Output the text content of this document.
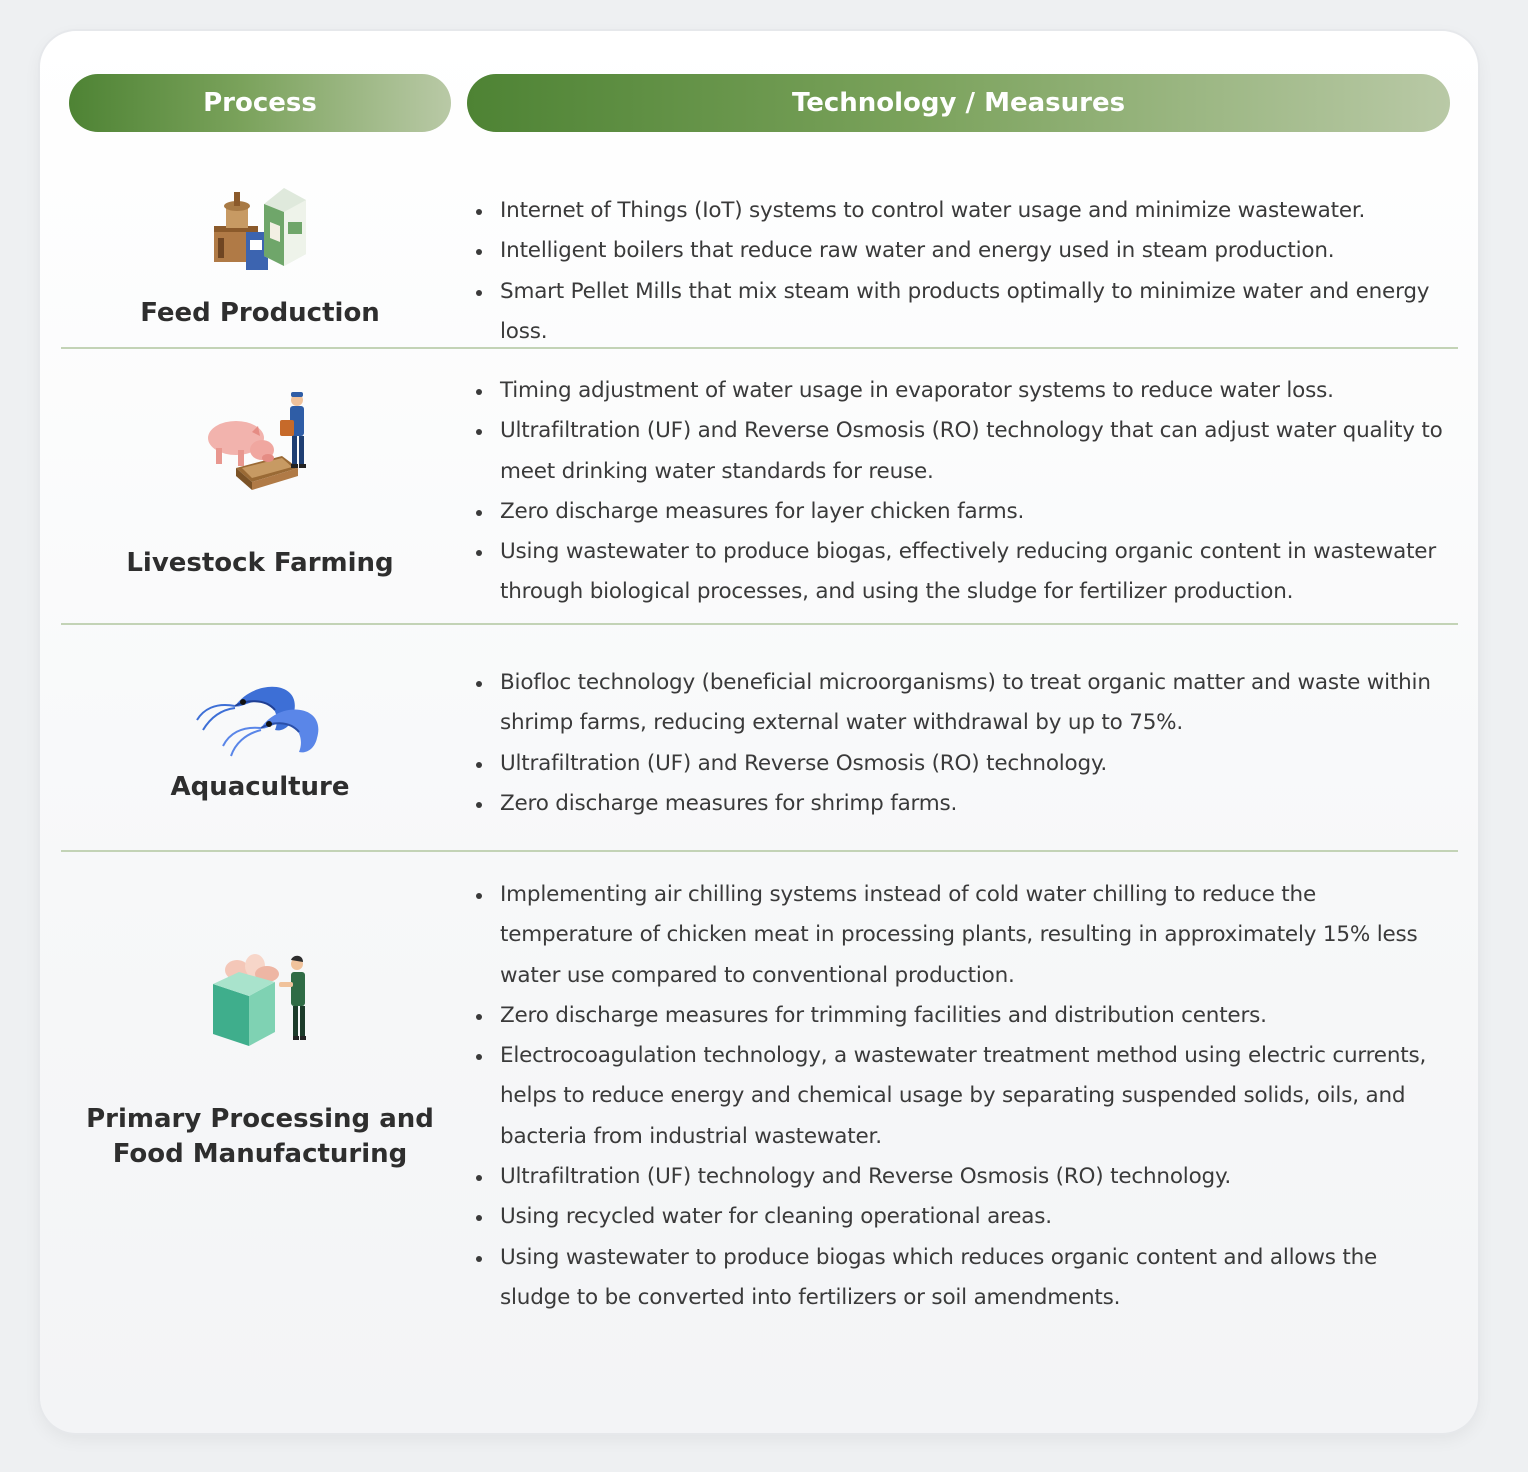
Process	Technology / Measures
Feed Production
Internet of Things (IoT) systems to control water usage and minimize wastewater.
Intelligent boilers that reduce raw water and energy used in steam production.
Smart Pellet Mills that mix steam with products optimally to minimize water and energy loss.
Livestock Farming
Timing adjustment of water usage in evaporator systems to reduce water loss.
Ultrafiltration (UF) and Reverse Osmosis (RO) technology that can adjust water quality to meet drinking water standards for reuse.
Zero discharge measures for layer chicken farms.
Using wastewater to produce biogas, effectively reducing organic content in wastewater through biological processes, and using the sludge for fertilizer production.
Aquaculture
Biofloc technology (beneficial microorganisms) to treat organic matter and waste within shrimp farms, reducing external water withdrawal by up to 75%.
Ultrafiltration (UF) and Reverse Osmosis (RO) technology.
Zero discharge measures for shrimp farms.
Primary Processing and
Food Manufacturing
Implementing air chilling systems instead of cold water chilling to reduce the temperature of chicken meat in processing plants, resulting in approximately 15% less water use compared to conventional production.
Zero discharge measures for trimming facilities and distribution centers.
Electrocoagulation technology, a wastewater treatment method using electric currents, helps to reduce energy and chemical usage by separating suspended solids, oils, and bacteria from industrial wastewater.
Ultrafiltration (UF) technology and Reverse Osmosis (RO) technology.
Using recycled water for cleaning operational areas.
Using wastewater to produce biogas which reduces organic content and allows the sludge to be converted into fertilizers or soil amendments.
